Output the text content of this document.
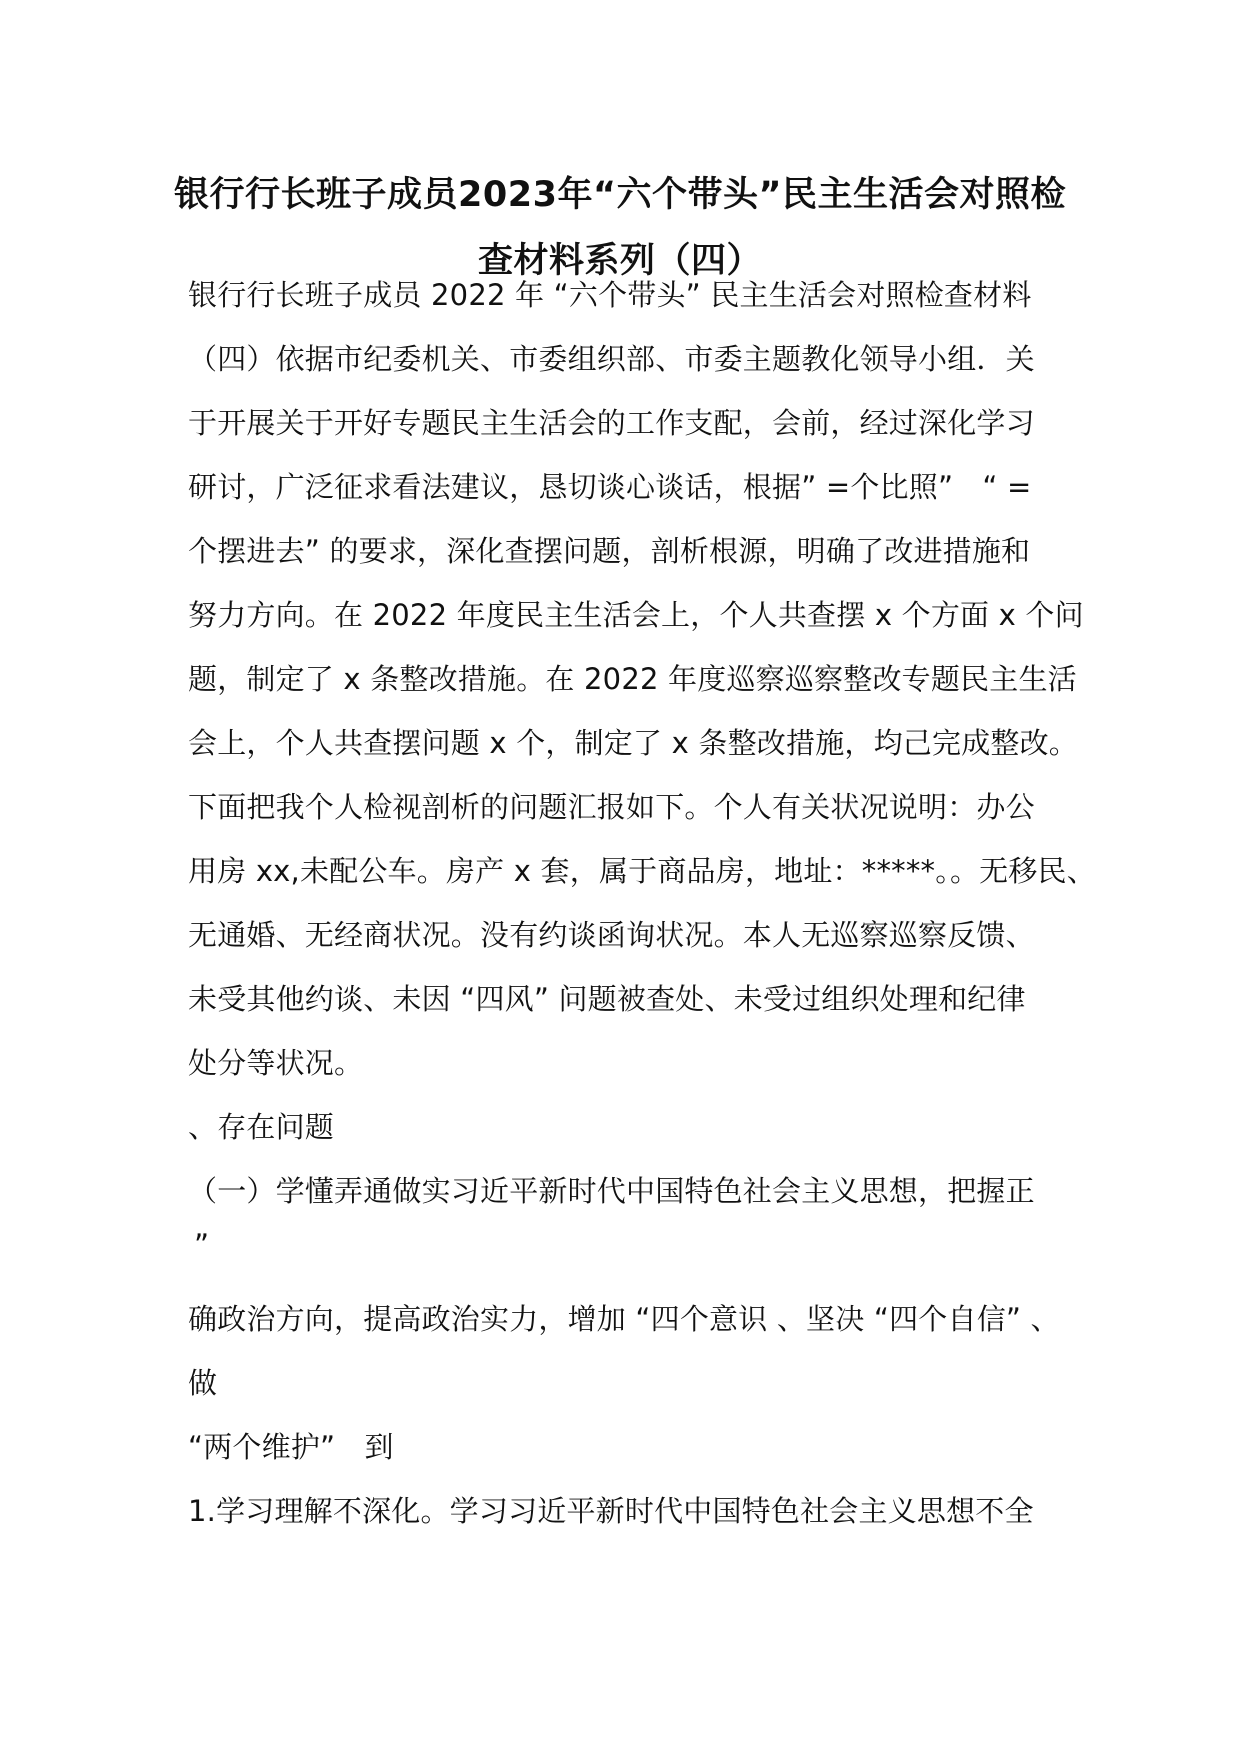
银行行长班子成员2023年“六个带头”民主生活会对照检
查材料系列（四）
银行行长班子成员 2022 年 “六个带头” 民主生活会对照检查材料
（四）依据市纪委机关、市委组织部、市委主题教化领导小组．关
于开展关于开好专题民主生活会的工作支配，会前，经过深化学习
研讨，广泛征求看法建议，恳切谈心谈话，根据” =个比照”　“ =
个摆进去” 的要求，深化查摆问题，剖析根源，明确了改进措施和
努力方向。在 2022 年度民主生活会上，个人共查摆 x 个方面 x 个问
题，制定了 x 条整改措施。在 2022 年度巡察巡察整改专题民主生活
会上，个人共查摆问题 x 个，制定了 x 条整改措施，均己完成整改。
下面把我个人检视剖析的问题汇报如下。个人有关状况说明：办公
用房 xx,未配公车。房产 x 套，属于商品房，地址：*****。。无移民、
无通婚、无经商状况。没有约谈函询状况。本人无巡察巡察反馈、
未受其他约谈、未因 “四风” 问题被查处、未受过组织处理和纪律
处分等状况。
、存在问题
（一）学懂弄通做实习近平新时代中国特色社会主义思想，把握正
”
确政治方向，提高政治实力，增加 “四个意识 、坚决 “四个自信” 、
做
“两个维护”　到
1.学习理解不深化。学习习近平新时代中国特色社会主义思想不全
